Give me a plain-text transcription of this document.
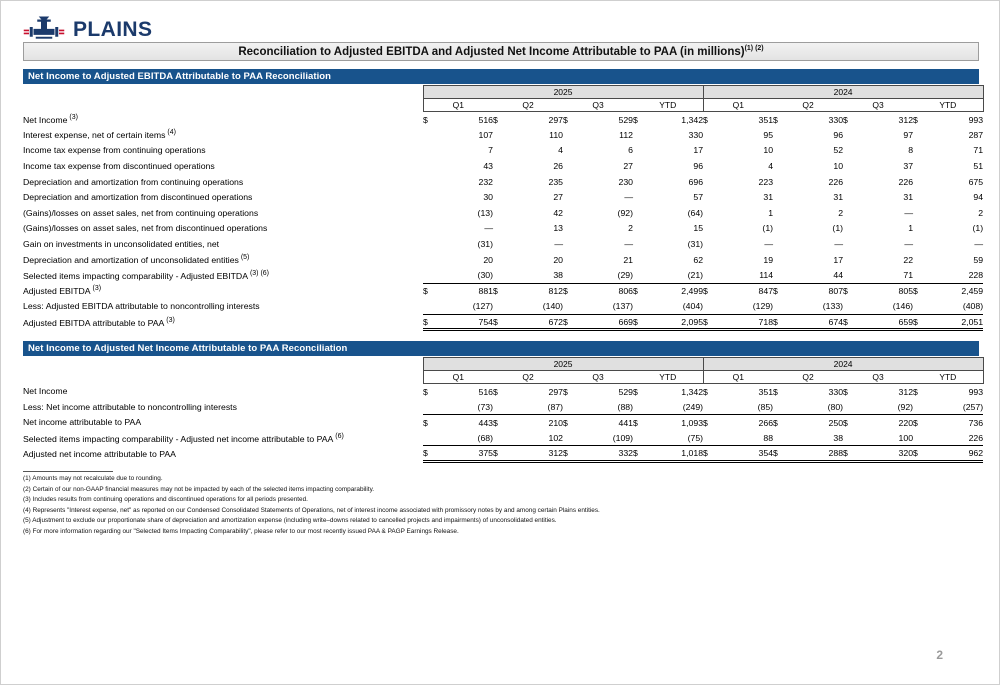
PLAINS
Reconciliation to Adjusted EBITDA and Adjusted Net Income Attributable to PAA (in millions)$^{(1) (2)}$
Net Income to Adjusted EBITDA Attributable to PAA Reconciliation
	2025								2024							
	Q1		Q2		Q3		YTD		Q1		Q2		Q3		YTD	
Net Income $^{(3)}$	$	516	$	297	$	529	$	1,342	$	351	$	330	$	312	$	993
Interest expense, net of certain items $^{(4)}$		107		110		112		330		95		96		97		287
Income tax expense from continuing operations		7		4		6		17		10		52		8		71
Income tax expense from discontinued operations		43		26		27		96		4		10		37		51
Depreciation and amortization from continuing operations		232		235		230		696		223		226		226		675
Depreciation and amortization from discontinued operations		30		27		—		57		31		31		31		94
(Gains)/losses on asset sales, net from continuing operations		(13)		42		(92)		(64)		1		2		—		2
(Gains)/losses on asset sales, net from discontinued operations		—		13		2		15		(1)		(1)		1		(1)
Gain on investments in unconsolidated entities, net		(31)		—		—		(31)		—		—		—		—
Depreciation and amortization of unconsolidated entities $^{(5)}$		20		20		21		62		19		17		22		59
Selected items impacting comparability - Adjusted EBITDA $^{(3) (6)}$		(30)		38		(29)		(21)		114		44		71		228
Adjusted EBITDA $^{(3)}$	$	881	$	812	$	806	$	2,499	$	847	$	807	$	805	$	2,459
Less: Adjusted EBITDA attributable to noncontrolling interests		(127)		(140)		(137)		(404)		(129)		(133)		(146)		(408)
Adjusted EBITDA attributable to PAA $^{(3)}$	$	754	$	672	$	669	$	2,095	$	718	$	674	$	659	$	2,051
Net Income to Adjusted Net Income Attributable to PAA Reconciliation
	2025								2024							
	Q1		Q2		Q3		YTD		Q1		Q2		Q3		YTD	
Net Income	$	516	$	297	$	529	$	1,342	$	351	$	330	$	312	$	993
Less: Net income attributable to noncontrolling interests		(73)		(87)		(88)		(249)		(85)		(80)		(92)		(257)
Net income attributable to PAA	$	443	$	210	$	441	$	1,093	$	266	$	250	$	220	$	736
Selected items impacting comparability - Adjusted net income attributable to PAA $^{(6)}$		(68)		102		(109)		(75)		88		38		100		226
Adjusted net income attributable to PAA	$	375	$	312	$	332	$	1,018	$	354	$	288	$	320	$	962
(1) Amounts may not recalculate due to rounding.
(2) Certain of our non-GAAP financial measures may not be impacted by each of the selected items impacting comparability.
(3) Includes results from continuing operations and discontinued operations for all periods presented.
(4) Represents "Interest expense, net" as reported on our Condensed Consolidated Statements of Operations, net of interest income associated with promissory notes by and among certain Plains entities.
(5) Adjustment to exclude our proportionate share of depreciation and amortization expense (including write–downs related to cancelled projects and impairments) of unconsolidated entities.
(6) For more information regarding our "Selected Items Impacting Comparability", please refer to our most recently issued PAA & PAGP Earnings Release.
2
